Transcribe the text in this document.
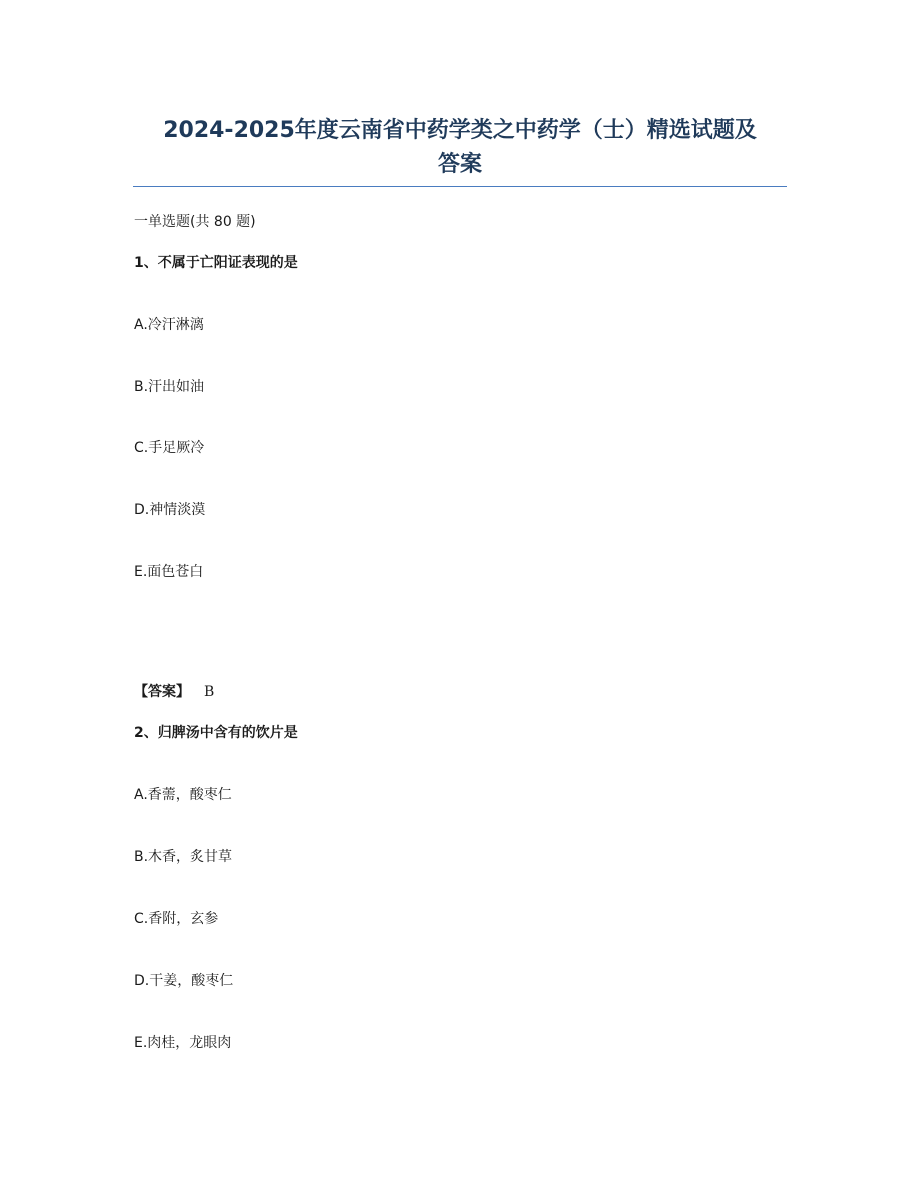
2024-2025年度云南省中药学类之中药学（士）精选试题及
答案
一单选题(共 80 题)
1、不属于亡阳证表现的是
A.冷汗淋漓
B.汗出如油
C.手足厥冷
D.神情淡漠
E.面色苍白
【答案】 B
2、归脾汤中含有的饮片是
A.香薷，酸枣仁
B.木香，炙甘草
C.香附，玄参
D.干姜，酸枣仁
E.肉桂，龙眼肉
